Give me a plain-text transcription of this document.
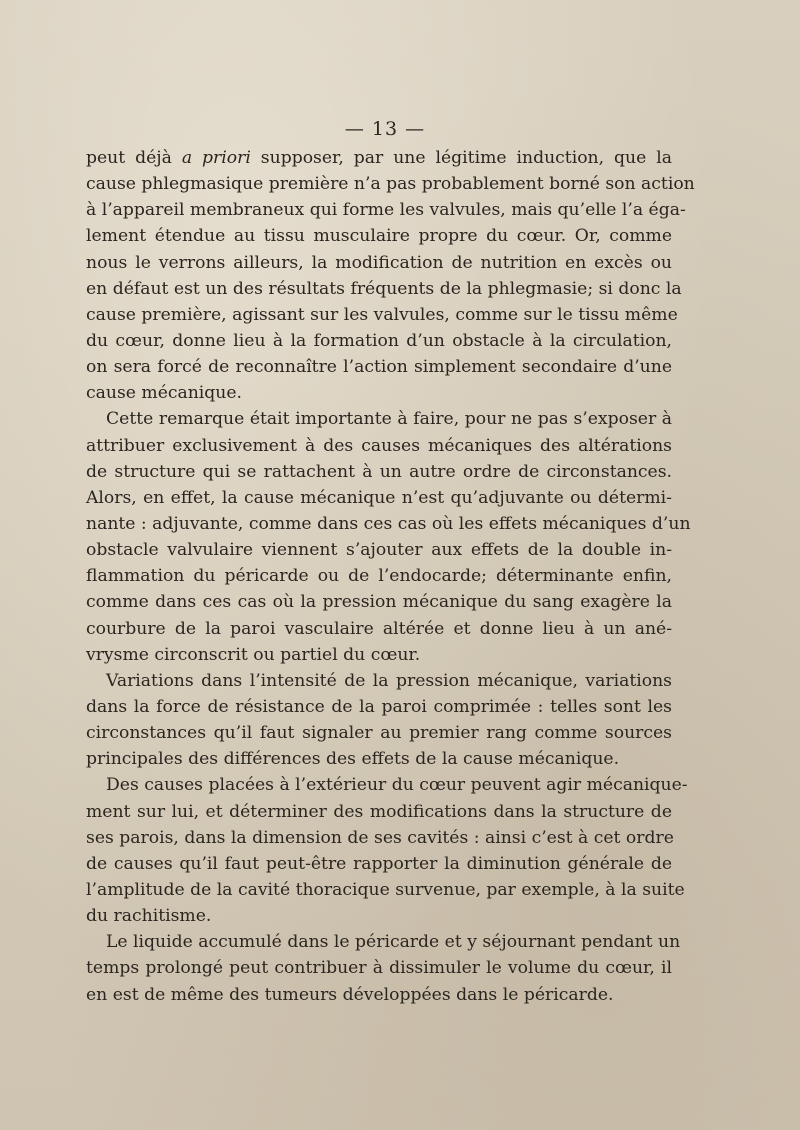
— 13 —
peut déjà a priori supposer, par une légitime induction, que la
cause phlegmasique première n’a pas probablement borné son action
à l’appareil membraneux qui forme les valvules, mais qu’elle l’a éga-
lement étendue au tissu musculaire propre du cœur. Or, comme
nous le verrons ailleurs, la modification de nutrition en excès ou
en défaut est un des résultats fréquents de la phlegmasie; si donc la
cause première, agissant sur les valvules, comme sur le tissu même
du cœur, donne lieu à la formation d’un obstacle à la circulation,
on sera forcé de reconnaître l’action simplement secondaire d’une
cause mécanique.
Cette remarque était importante à faire, pour ne pas s’exposer à
attribuer exclusivement à des causes mécaniques des altérations
de structure qui se rattachent à un autre ordre de circonstances.
Alors, en effet, la cause mécanique n’est qu’adjuvante ou détermi-
nante : adjuvante, comme dans ces cas où les effets mécaniques d’un
obstacle valvulaire viennent s’ajouter aux effets de la double in-
flammation du péricarde ou de l’endocarde; déterminante enfin,
comme dans ces cas où la pression mécanique du sang exagère la
courbure de la paroi vasculaire altérée et donne lieu à un ané-
vrysme circonscrit ou partiel du cœur.
Variations dans l’intensité de la pression mécanique, variations
dans la force de résistance de la paroi comprimée : telles sont les
circonstances qu’il faut signaler au premier rang comme sources
principales des différences des effets de la cause mécanique.
Des causes placées à l’extérieur du cœur peuvent agir mécanique-
ment sur lui, et déterminer des modifications dans la structure de
ses parois, dans la dimension de ses cavités : ainsi c’est à cet ordre
de causes qu’il faut peut-être rapporter la diminution générale de
l’amplitude de la cavité thoracique survenue, par exemple, à la suite
du rachitisme.
Le liquide accumulé dans le péricarde et y séjournant pendant un
temps prolongé peut contribuer à dissimuler le volume du cœur, il
en est de même des tumeurs développées dans le péricarde.
